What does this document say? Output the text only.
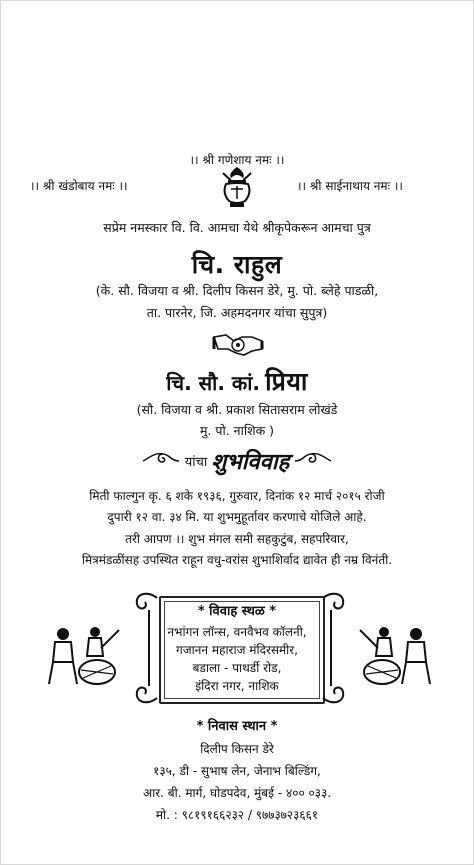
।। श्री गणेशाय नमः ।।
।। श्री खंडोबाय नमः ।।	।। श्री साईनाथाय नमः ।।
सप्रेम नमस्कार वि. वि. आमचा येथे श्रीकृपेकरून आमचा पुत्र
चि. राहुल
(के. सौ. विजया व श्री. दिलीप किसन डेरे, मु. पो. ब्लेहे पाडळी,
ता. पारनेर, जि. अहमदनगर यांचा सुपुत्र)
चि. सौ. कां. प्रिया
(सौ. विजया व श्री. प्रकाश सितासराम लोखंडे
मु. पो. नाशिक )
यांचा शुभविवाह
मिती फाल्गुन कृ. ६ शके १९३६, गुरुवार, दिनांक १२ मार्च २०१५ रोजी
दुपारी १२ वा. ३४ मि. या शुभमुहूर्तावर करणाचे योजिले आहे.
तरी आपण ।। शुभ मंगल समी सहकुटुंब, सहपरिवार,
मित्रमंडळींसह उपस्थित राहून वधु-वरांस शुभाशिर्वाद द्यावेत ही नम्र विनंती.
* विवाह स्थळ *
नभांगन लॉन्स, वनवैभव कॉलनी,
गजानन महाराज मंदिरसमीर,
बडाला - पाथर्डी रोड,
इंदिरा नगर, नाशिक
* निवास स्थान *
दिलीप किसन डेरे
१३५, डी - सुभाष लेन, जेनाभ बिल्डिंग,
आर. बी. मार्ग, घोडपदेव, मुंबई - ४०० ०३३.
मो. : ९८१९१६६२३२ / ९७७३७२३६६१
